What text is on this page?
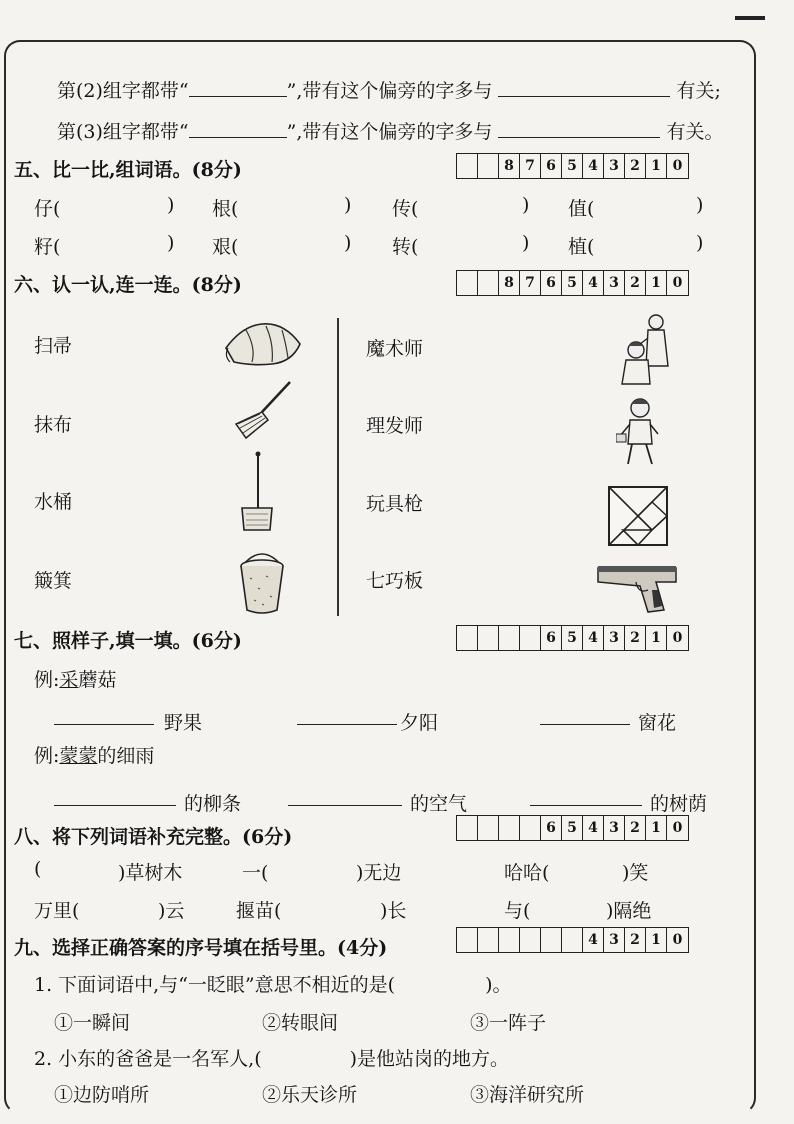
第(2)组字都带“	”,带有这个偏旁的字多与	有关;
第(3)组字都带“	”,带有这个偏旁的字多与	有关。
五、比一比,组词语。(8分)	8 7 6 5 4 3 2 1 0
仔(	) 根(	) 传(	) 值(	)
籽(	) 艰(	) 转(	) 植(	)
六、认一认,连一连。(8分)	8 7 6 5 4 3 2 1 0
扫帚
抹布
水桶
簸箕
魔术师
理发师
玩具枪
七巧板
七、照样子,填一填。(6分)	6 5 4 3 2 1 0
例:采蘑菇
野果	夕阳	窗花
例:蒙蒙的细雨
的柳条	的空气	的树荫
八、将下列词语补充完整。(6分)	6 5 4 3 2 1 0
(	)草树木	一(	)无边	哈哈(	)笑
万里(	)云	揠苗(	)长	与(	)隔绝
九、选择正确答案的序号填在括号里。(4分)	4 3 2 1 0
1. 下面词语中,与“一眨眼”意思不相近的是(	)。
①一瞬间	②转眼间	③一阵子
2. 小东的爸爸是一名军人,(	)是他站岗的地方。
①边防哨所	②乐天诊所	③海洋研究所
